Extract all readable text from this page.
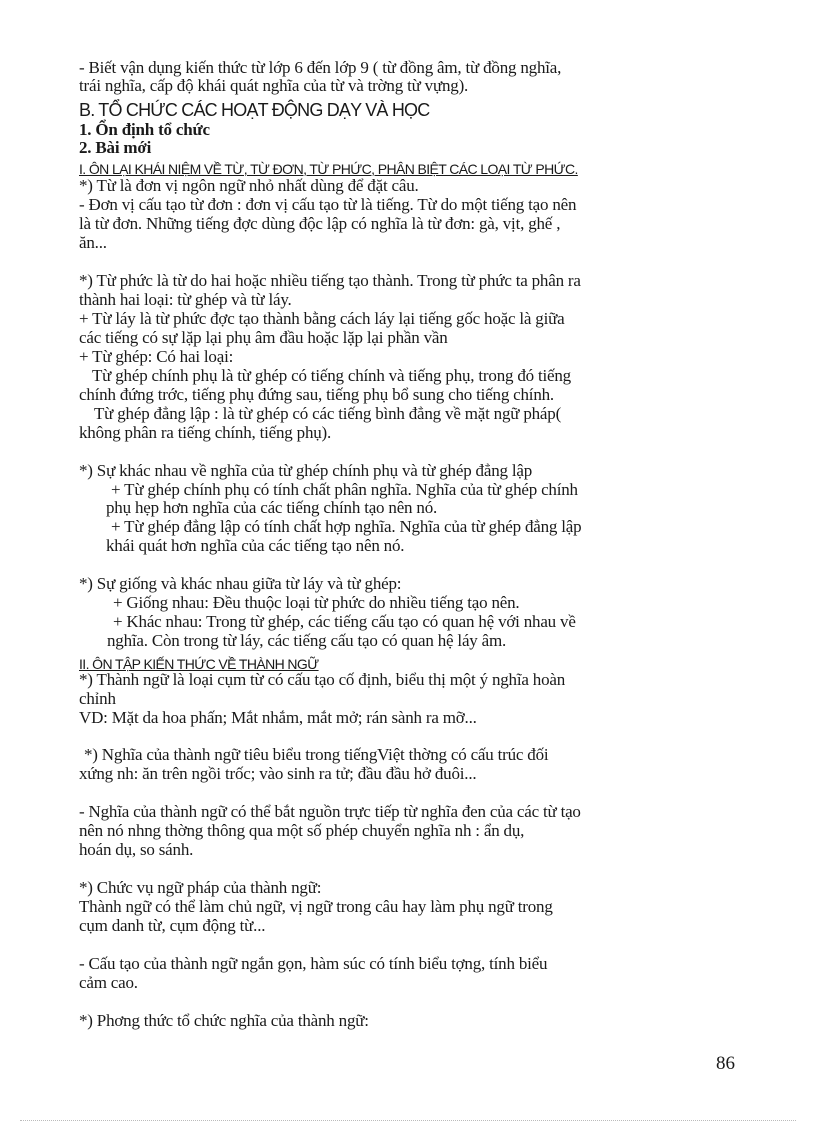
- Biết vận dụng kiến thức từ lớp 6 đến lớp 9 ( từ đồng âm, từ đồng nghĩa,
trái nghĩa, cấp độ khái quát nghĩa của từ và trờng từ vựng).
B. TỔ CHỨC CÁC HOẠT ĐỘNG DẠY VÀ HỌC
1. Ổn định tổ chức
2. Bài mới
I. ÔN LẠI KHÁI NIỆM VỀ TỪ, TỪ ĐƠN, TỪ PHỨC, PHÂN BIỆT CÁC LOẠI TỪ PHỨC.
*) Từ là đơn vị ngôn ngữ nhỏ nhất dùng để đặt câu.
- Đơn vị cấu tạo từ đơn : đơn vị cấu tạo từ là tiếng. Từ do một tiếng tạo nên
là từ đơn. Những tiếng đợc dùng độc lập có nghĩa là từ đơn: gà, vịt, ghế ,
ăn...
*) Từ phức là từ do hai hoặc nhiều tiếng tạo thành. Trong từ phức ta phân ra
thành hai loại: từ ghép và từ láy.
+ Từ láy là từ phức đợc tạo thành bằng cách láy lại tiếng gốc hoặc là giữa
các tiếng có sự lặp lại phụ âm đầu hoặc lặp lại phần vần
+ Từ ghép: Có hai loại:
Từ ghép chính phụ là từ ghép có tiếng chính và tiếng phụ, trong đó tiếng
chính đứng trớc, tiếng phụ đứng sau, tiếng phụ bổ sung cho tiếng chính.
Từ ghép đẳng lập : là từ ghép có các tiếng bình đẳng về mặt ngữ pháp(
không phân ra tiếng chính, tiếng phụ).
*) Sự khác nhau về nghĩa của từ ghép chính phụ và từ ghép đẳng lập
+ Từ ghép chính phụ có tính chất phân nghĩa. Nghĩa của từ ghép chính
phụ hẹp hơn nghĩa của các tiếng chính tạo nên nó.
+ Từ ghép đẳng lập có tính chất hợp nghĩa. Nghĩa của từ ghép đẳng lập
khái quát hơn nghĩa của các tiếng tạo nên nó.
*) Sự giống và khác nhau giữa từ láy và từ ghép:
+ Giống nhau: Đều thuộc loại từ phức do nhiều tiếng tạo nên.
+ Khác nhau: Trong từ ghép, các tiếng cấu tạo có quan hệ với nhau về
nghĩa. Còn trong từ láy, các tiếng cấu tạo có quan hệ láy âm.
II. ÔN TẬP KIẾN THỨC VỀ THÀNH NGỮ
*) Thành ngữ là loại cụm từ có cấu tạo cố định, biểu thị một ý nghĩa hoàn
chỉnh
VD: Mặt da hoa phấn; Mắt nhắm, mắt mở; rán sành ra mỡ...
*) Nghĩa của thành ngữ tiêu biểu trong tiếngViệt thờng có cấu trúc đối
xứng nh: ăn trên ngồi trốc; vào sinh ra tử; đầu đầu hở đuôi...
- Nghĩa của thành ngữ có thể bắt nguồn trực tiếp từ nghĩa đen của các từ tạo
nên nó nhng thờng thông qua một số phép chuyển nghĩa nh : ẩn dụ,
hoán dụ, so sánh.
*) Chức vụ ngữ pháp của thành ngữ:
Thành ngữ có thể làm chủ ngữ, vị ngữ trong câu hay làm phụ ngữ trong
cụm danh từ, cụm động từ...
- Cấu tạo của thành ngữ ngắn gọn, hàm súc có tính biểu tợng, tính biểu
cảm cao.
*) Phơng thức tổ chức nghĩa của thành ngữ:
86
